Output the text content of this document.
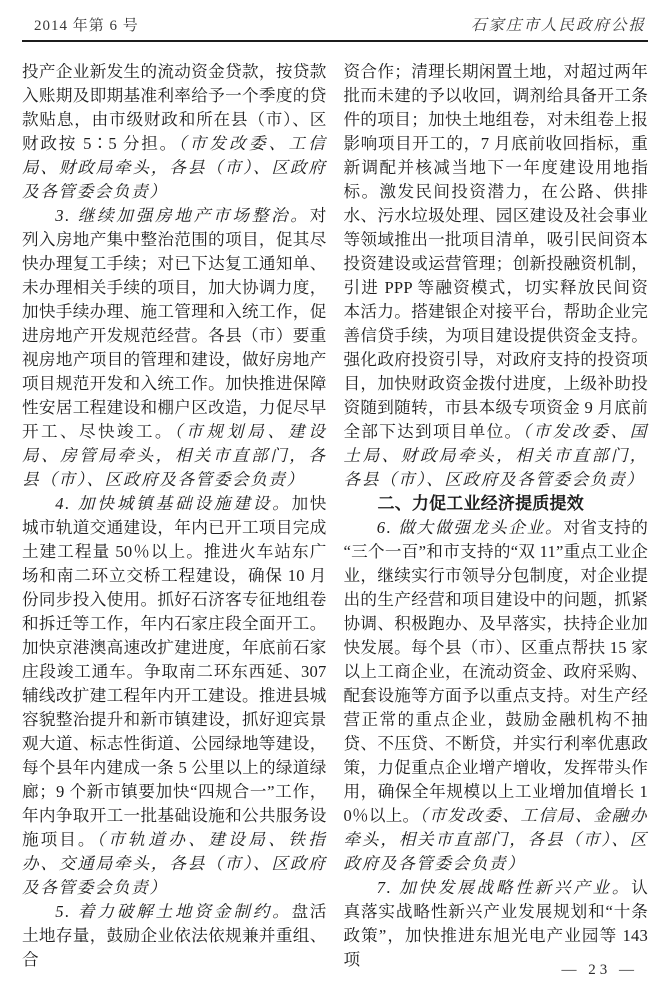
2014 年第 6 号	石家庄市人民政府公报

投产企业新发生的流动资金贷款，按贷款入账期及即期基准利率给予一个季度的贷款贴息，由市级财政和所在县（市）、区财政按 5∶5 分担。（市发改委、工信局、财政局牵头，各县（市）、区政府及各管委会负责）

3. 继续加强房地产市场整治。对列入房地产集中整治范围的项目，促其尽快办理复工手续；对已下达复工通知单、未办理相关手续的项目，加大协调力度，加快手续办理、施工管理和入统工作，促进房地产开发规范经营。各县（市）要重视房地产项目的管理和建设，做好房地产项目规范开发和入统工作。加快推进保障性安居工程建设和棚户区改造，力促尽早开工、尽快竣工。（市规划局、建设局、房管局牵头，相关市直部门，各县（市）、区政府及各管委会负责）

4. 加快城镇基础设施建设。加快城市轨道交通建设，年内已开工项目完成土建工程量 50％以上。推进火车站东广场和南二环立交桥工程建设，确保 10 月份同步投入使用。抓好石济客专征地组卷和拆迁等工作，年内石家庄段全面开工。加快京港澳高速改扩建进度，年底前石家庄段竣工通车。争取南二环东西延、307 辅线改扩建工程年内开工建设。推进县城容貌整治提升和新市镇建设，抓好迎宾景观大道、标志性街道、公园绿地等建设，每个县年内建成一条 5 公里以上的绿道绿廊；9 个新市镇要加快“四规合一”工作，年内争取开工一批基础设施和公共服务设施项目。（市轨道办、建设局、铁指办、交通局牵头，各县（市）、区政府及各管委会负责）

5. 着力破解土地资金制约。盘活土地存量，鼓励企业依法依规兼并重组、合

资合作；清理长期闲置土地，对超过两年批而未建的予以收回，调剂给具备开工条件的项目；加快土地组卷，对未组卷上报影响项目开工的，7 月底前收回指标，重新调配并核减当地下一年度建设用地指标。激发民间投资潜力，在公路、供排水、污水垃圾处理、园区建设及社会事业等领域推出一批项目清单，吸引民间资本投资建设或运营管理；创新投融资机制，引进 PPP 等融资模式，切实释放民间资本活力。搭建银企对接平台，帮助企业完善信贷手续，为项目建设提供资金支持。强化政府投资引导，对政府支持的投资项目，加快财政资金拨付进度，上级补助投资随到随转，市县本级专项资金 9 月底前全部下达到项目单位。（市发改委、国土局、财政局牵头，相关市直部门，各县（市）、区政府及各管委会负责）

二、力促工业经济提质提效

6. 做大做强龙头企业。对省支持的“三个一百”和市支持的“双 11”重点工业企业，继续实行市领导分包制度，对企业提出的生产经营和项目建设中的问题，抓紧协调、积极跑办、及早落实，扶持企业加快发展。每个县（市）、区重点帮扶 15 家以上工商企业，在流动资金、政府采购、配套设施等方面予以重点支持。对生产经营正常的重点企业，鼓励金融机构不抽贷、不压贷、不断贷，并实行利率优惠政策，力促重点企业增产增收，发挥带头作用，确保全年规模以上工业增加值增长 10％以上。（市发改委、工信局、金融办牵头，相关市直部门，各县（市）、区政府及各管委会负责）

7. 加快发展战略性新兴产业。认真落实战略性新兴产业发展规划和“十条政策”，加快推进东旭光电产业园等 143 项

— 23 —
